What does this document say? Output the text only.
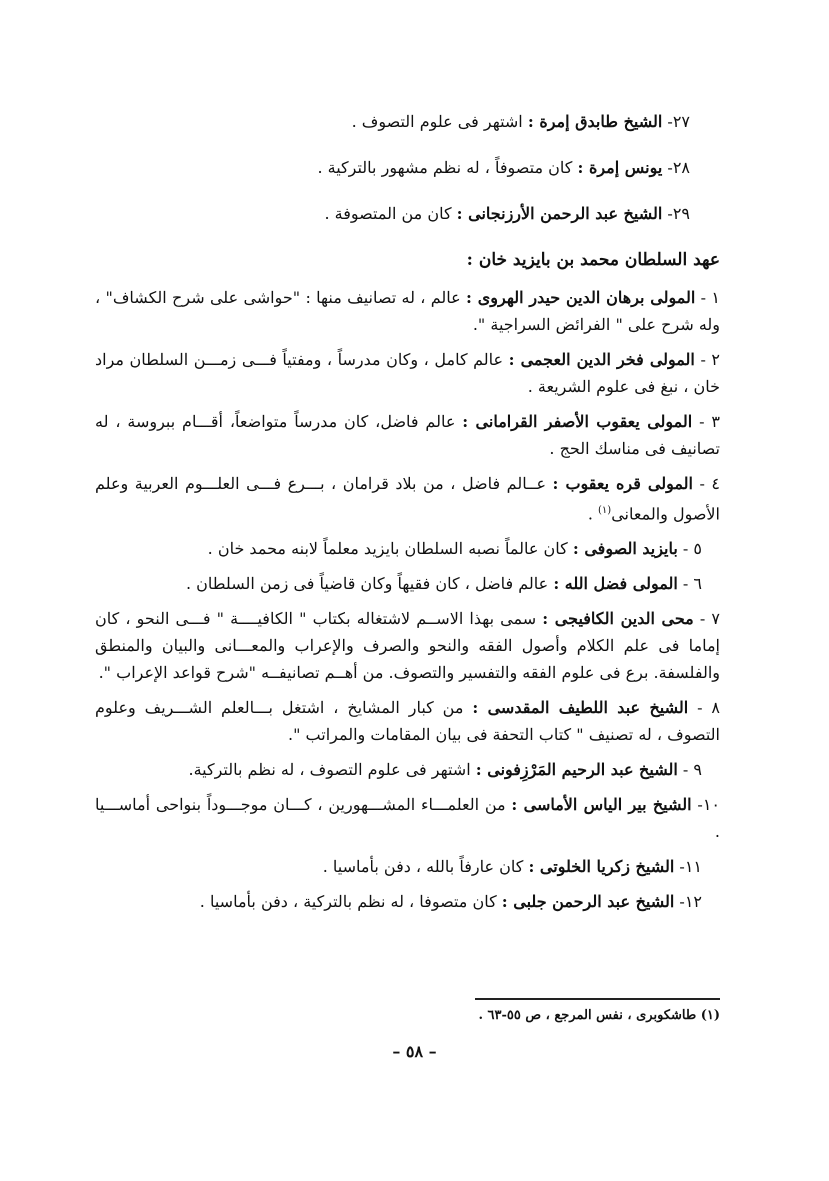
٢٧- الشيخ طابدق إمرة : اشتهر فى علوم التصوف .
٢٨- يونس إمرة : كان متصوفاً ، له نظم مشهور بالتركية .
٢٩- الشيخ عبد الرحمن الأرزنجانى : كان من المتصوفة .
عهد السلطان محمد بن بايزيد خان :
١ - المولى برهان الدين حيدر الهروى : عالم ، له تصانيف منها : "حواشى على شرح الكشاف" ، وله شرح على " الفرائض السراجية ".
٢ - المولى فخر الدين العجمى : عالم كامل ، وكان مدرساً ، ومفتياً فـــى زمـــن السلطان مراد خان ، نبغ فى علوم الشريعة .
٣ - المولى يعقوب الأصفر القرامانى : عالم فاضل، كان مدرساً متواضعاً، أقـــام ببروسة ، له تصانيف فى مناسك الحج .
٤ - المولى قره يعقوب : عــالم فاضل ، من بلاد قرامان ، بـــرع فـــى العلـــوم العربية وعلم الأصول والمعانى$^{(١)}$ .
٥ - بايزيد الصوفى : كان عالماً نصبه السلطان بايزيد معلماً لابنه محمد خان .
٦ - المولى فضل الله : عالم فاضل ، كان فقيهاً وكان قاضياً فى زمن السلطان .
٧ - محى الدين الكافيجى : سمى بهذا الاســم لاشتغاله بكتاب " الكافيــــة " فـــى النحو ، كان إماما فى علم الكلام وأصول الفقه والنحو والصرف والإعراب والمعـــانى والبيان والمنطق والفلسفة. برع فى علوم الفقه والتفسير والتصوف. من أهــم تصانيفــه "شرح قواعد الإعراب ".
٨ - الشيخ عبد اللطيف المقدسى : من كبار المشايخ ، اشتغل بـــالعلم الشـــريف وعلوم التصوف ، له تصنيف " كتاب التحفة فى بيان المقامات والمراتب ".
٩ - الشيخ عبد الرحيم المَرْزِفونى : اشتهر فى علوم التصوف ، له نظم بالتركية.
١٠- الشيخ بير الياس الأماسى : من العلمـــاء المشـــهورين ، كـــان موجـــوداً بنواحى أماســـيا .
١١- الشيخ زكريا الخلوتى : كان عارفاً بالله ، دفن بأماسيا .
١٢- الشيخ عبد الرحمن جلبى : كان متصوفا ، له نظم بالتركية ، دفن بأماسيا .
(١) طاشكوبرى ، نفس المرجع ، ص ٥٥-٦٣ .
– ٥٨ –
